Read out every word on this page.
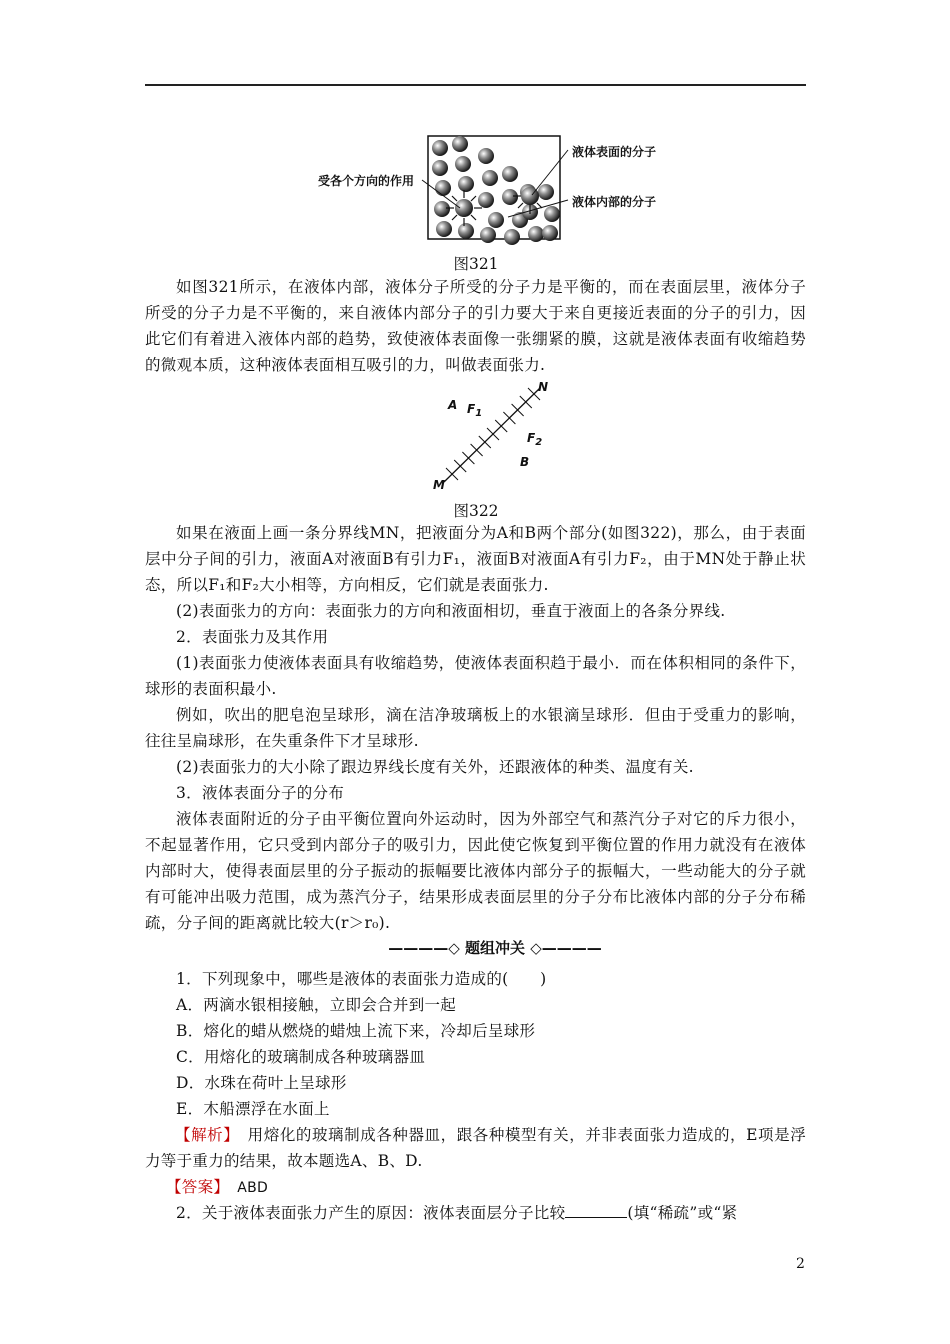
液体表面的分子
液体内部的分子
受各个方向的作用
图321
如图321所示，在液体内部，液体分子所受的分子力是平衡的，而在表面层里，液体分子所受的分子力是不平衡的，来自液体内部分子的引力要大于来自更接近表面的分子的引力，因此它们有着进入液体内部的趋势，致使液体表面像一张绷紧的膜，这就是液体表面有收缩趋势的微观本质，这种液体表面相互吸引的力，叫做表面张力.
A
N
$F_1$
$F_2$
B
M
图322
如果在液面上画一条分界线MN，把液面分为A和B两个部分(如图322)，那么，由于表面层中分子间的引力，液面A对液面B有引力F₁，液面B对液面A有引力F₂，由于MN处于静止状态，所以F₁和F₂大小相等，方向相反，它们就是表面张力.
(2)表面张力的方向：表面张力的方向和液面相切，垂直于液面上的各条分界线.
2．表面张力及其作用
(1)表面张力使液体表面具有收缩趋势，使液体表面积趋于最小．而在体积相同的条件下，球形的表面积最小.
例如，吹出的肥皂泡呈球形，滴在洁净玻璃板上的水银滴呈球形．但由于受重力的影响，往往呈扁球形，在失重条件下才呈球形.
(2)表面张力的大小除了跟边界线长度有关外，还跟液体的种类、温度有关.
3．液体表面分子的分布
液体表面附近的分子由平衡位置向外运动时，因为外部空气和蒸汽分子对它的斥力很小，不起显著作用，它只受到内部分子的吸引力，因此使它恢复到平衡位置的作用力就没有在液体内部时大，使得表面层里的分子振动的振幅要比液体内部分子的振幅大，一些动能大的分子就有可能冲出吸力范围，成为蒸汽分子，结果形成表面层里的分子分布比液体内部的分子分布稀疏，分子间的距离就比较大(r＞r₀).
————◇ 题组冲关 ◇————
1．下列现象中，哪些是液体的表面张力造成的(　　)
A．两滴水银相接触，立即会合并到一起
B．熔化的蜡从燃烧的蜡烛上流下来，冷却后呈球形
C．用熔化的玻璃制成各种玻璃器皿
D．水珠在荷叶上呈球形
E．木船漂浮在水面上
【解析】　用熔化的玻璃制成各种器皿，跟各种模型有关，并非表面张力造成的，E项是浮力等于重力的结果，故本题选A、B、D.
【答案】　 ABD
2．关于液体表面张力产生的原因：液体表面层分子比较	(填“稀疏”或“紧
2
